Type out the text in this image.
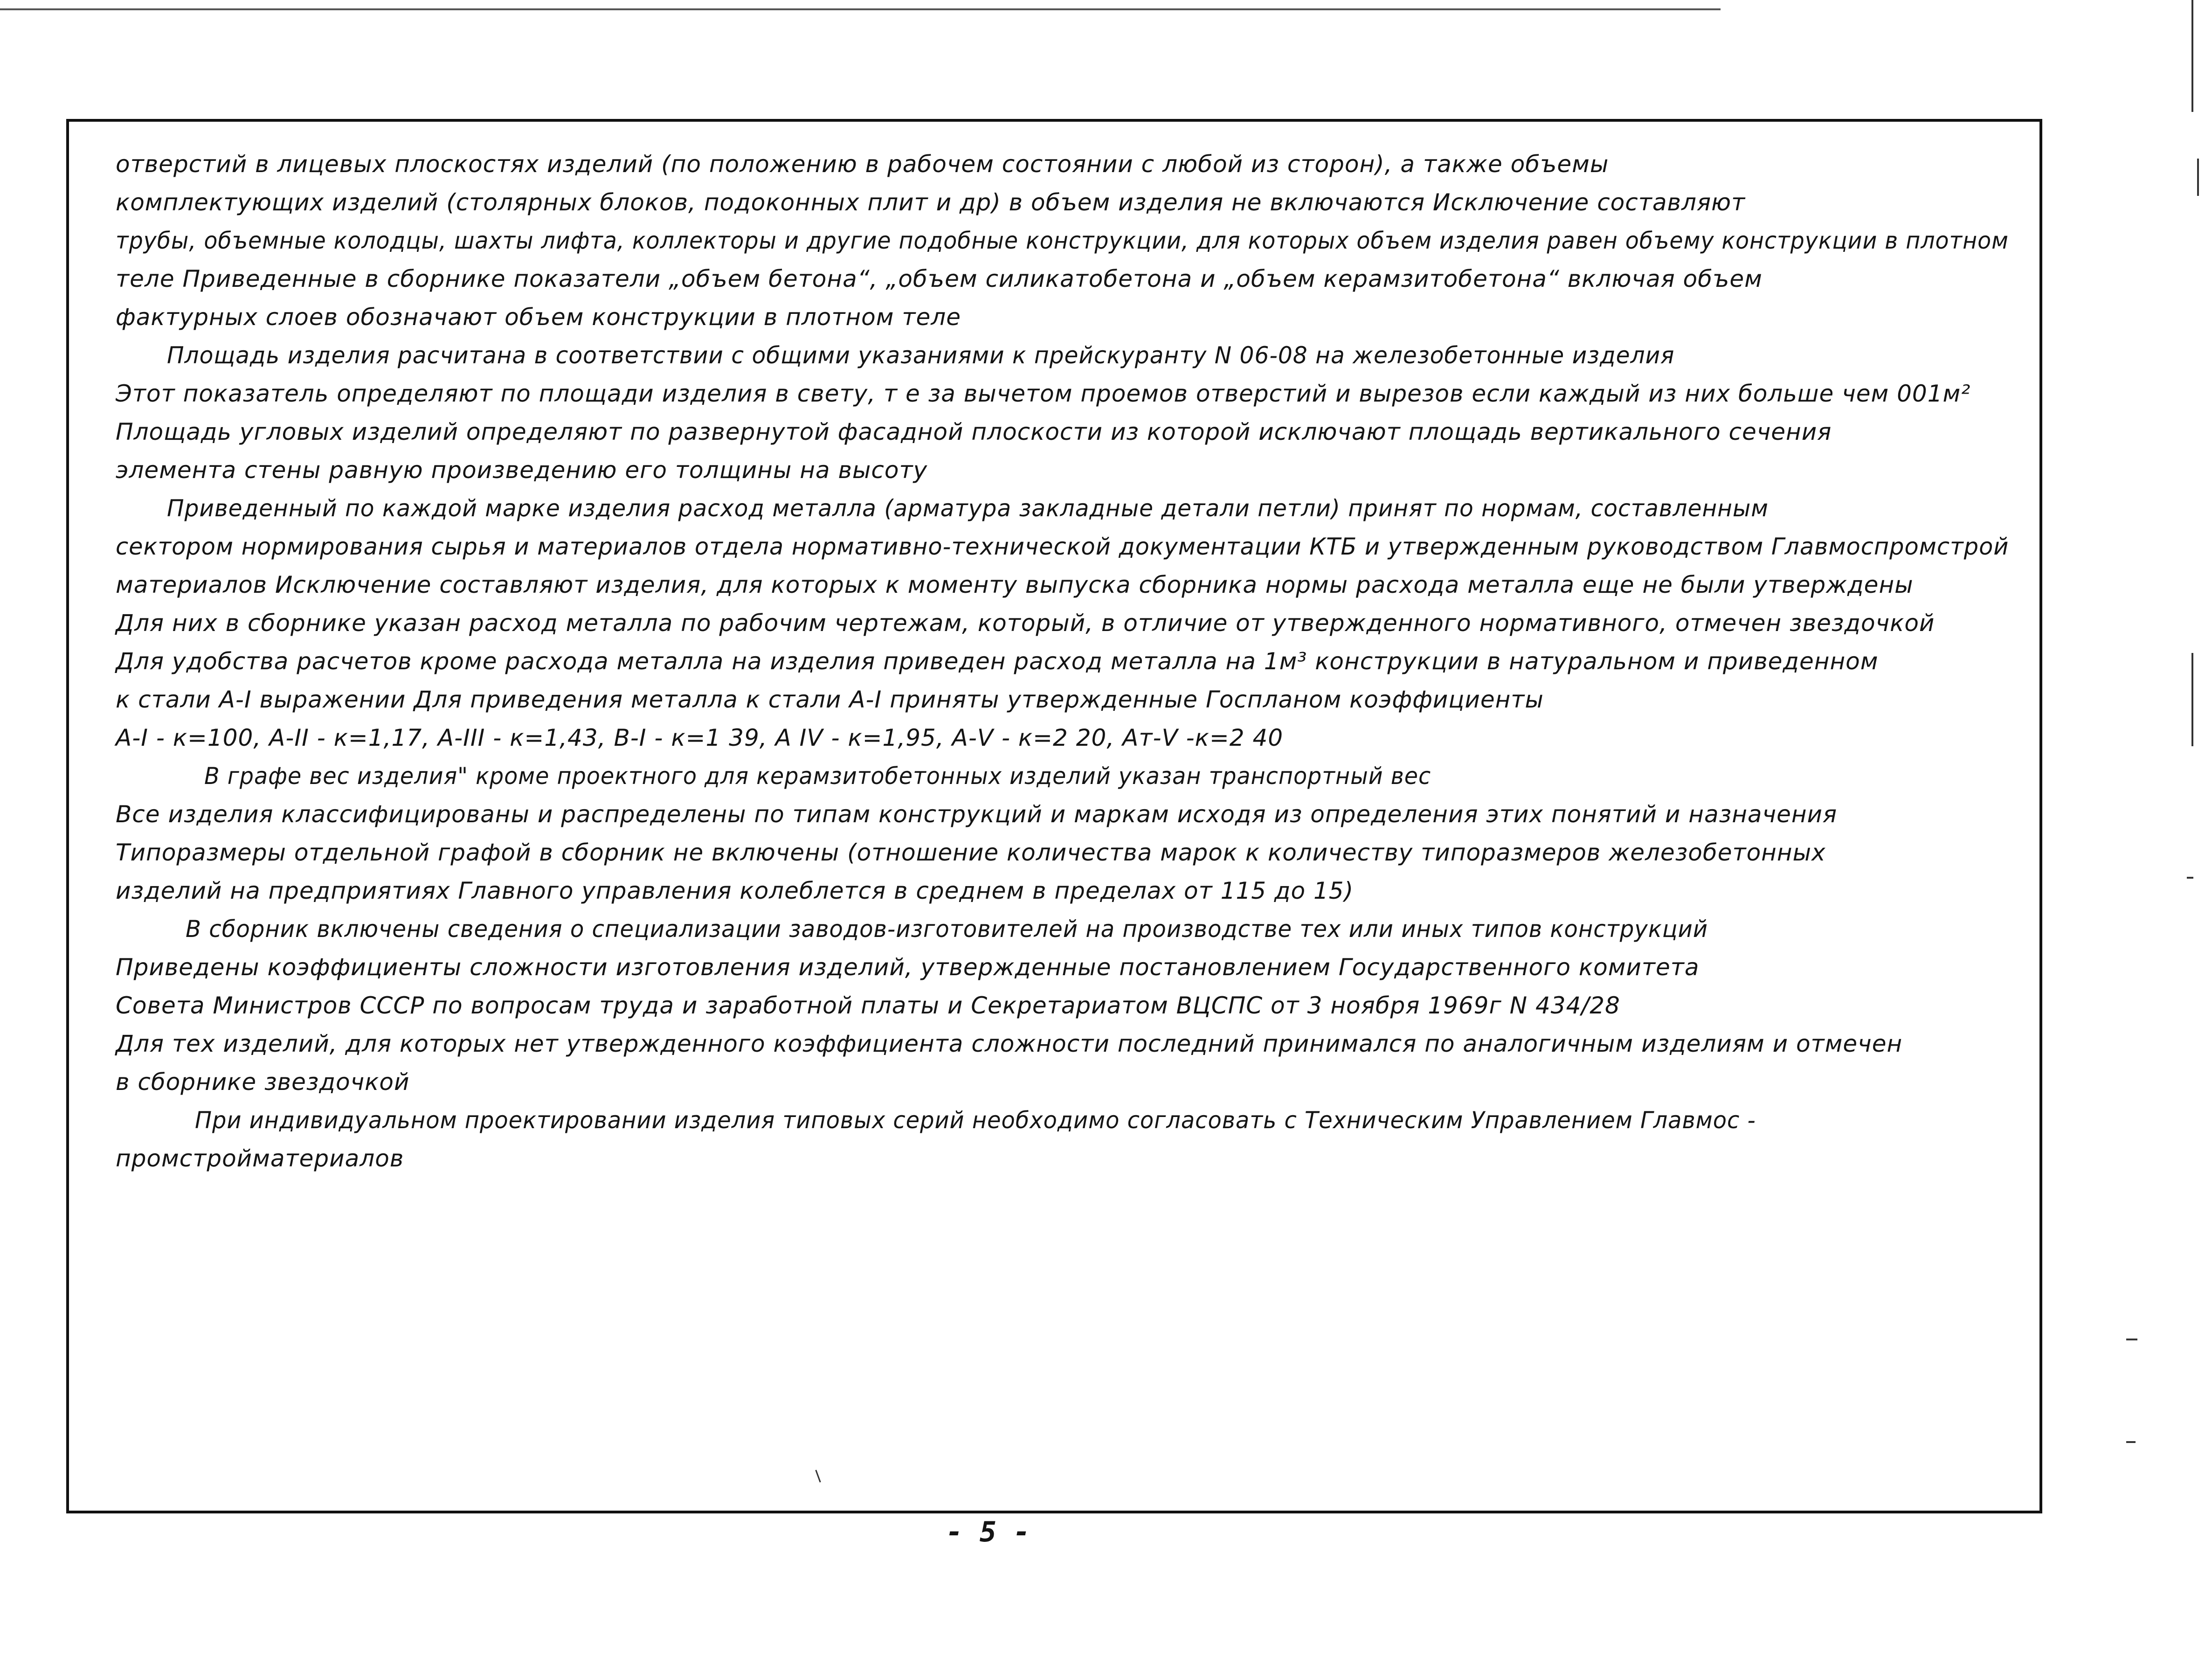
отверстий в лицевых плоскостях изделий (по положению в рабочем состоянии с любой из сторон), а также объемы
комплектующих изделий (столярных блоков, подоконных плит и др) в объем изделия не включаются Исключение составляют
трубы, объемные колодцы, шахты лифта, коллекторы и другие подобные конструкции, для которых объем изделия равен объему конструкции в плотном
теле Приведенные в сборнике показатели „объем бетона“, „объем силикатобетона и „объем керамзитобетона“ включая объем
фактурных слоев обозначают объем конструкции в плотном теле
Площадь изделия расчитана в соответствии с общими указаниями к прейскуранту N 06-08 на железобетонные изделия
Этот показатель определяют по площади изделия в свету, т е за вычетом проемов отверстий и вырезов если каждый из них больше чем 001м²
Площадь угловых изделий определяют по развернутой фасадной плоскости из которой исключают площадь вертикального сечения
элемента стены равную произведению его толщины на высоту
Приведенный по каждой марке изделия расход металла (арматура закладные детали петли) принят по нормам, составленным
сектором нормирования сырья и материалов отдела нормативно-технической документации КТБ и утвержденным руководством Главмоспромстрой
материалов Исключение составляют изделия, для которых к моменту выпуска сборника нормы расхода металла еще не были утверждены
Для них в сборнике указан расход металла по рабочим чертежам, который, в отличие от утвержденного нормативного, отмечен звездочкой
Для удобства расчетов кроме расхода металла на изделия приведен расход металла на 1м³ конструкции в натуральном и приведенном
к стали А-I выражении Для приведения металла к стали А-I приняты утвержденные Госпланом коэффициенты
А-I - к=100, А-II - к=1,17, А-III - к=1,43, В-I - к=1 39, А IV - к=1,95, А-V - к=2 20, Ат-V -к=2 40
В графе вес изделия" кроме проектного для керамзитобетонных изделий указан транспортный вес
Все изделия классифицированы и распределены по типам конструкций и маркам исходя из определения этих понятий и назначения
Типоразмеры отдельной графой в сборник не включены (отношение количества марок к количеству типоразмеров железобетонных
изделий на предприятиях Главного управления колеблется в среднем в пределах от 115 до 15)
В сборник включены сведения о специализации заводов-изготовителей на производстве тех или иных типов конструкций
Приведены коэффициенты сложности изготовления изделий, утвержденные постановлением Государственного комитета
Совета Министров СССР по вопросам труда и заработной платы и Секретариатом ВЦСПС от 3 ноября 1969г N 434/28
Для тех изделий, для которых нет утвержденного коэффициента сложности последний принимался по аналогичным изделиям и отмечен
в сборнике звездочкой
При индивидуальном проектировании изделия типовых серий необходимо согласовать с Техническим Управлением Главмос -
промстройматериалов
- 5 -
